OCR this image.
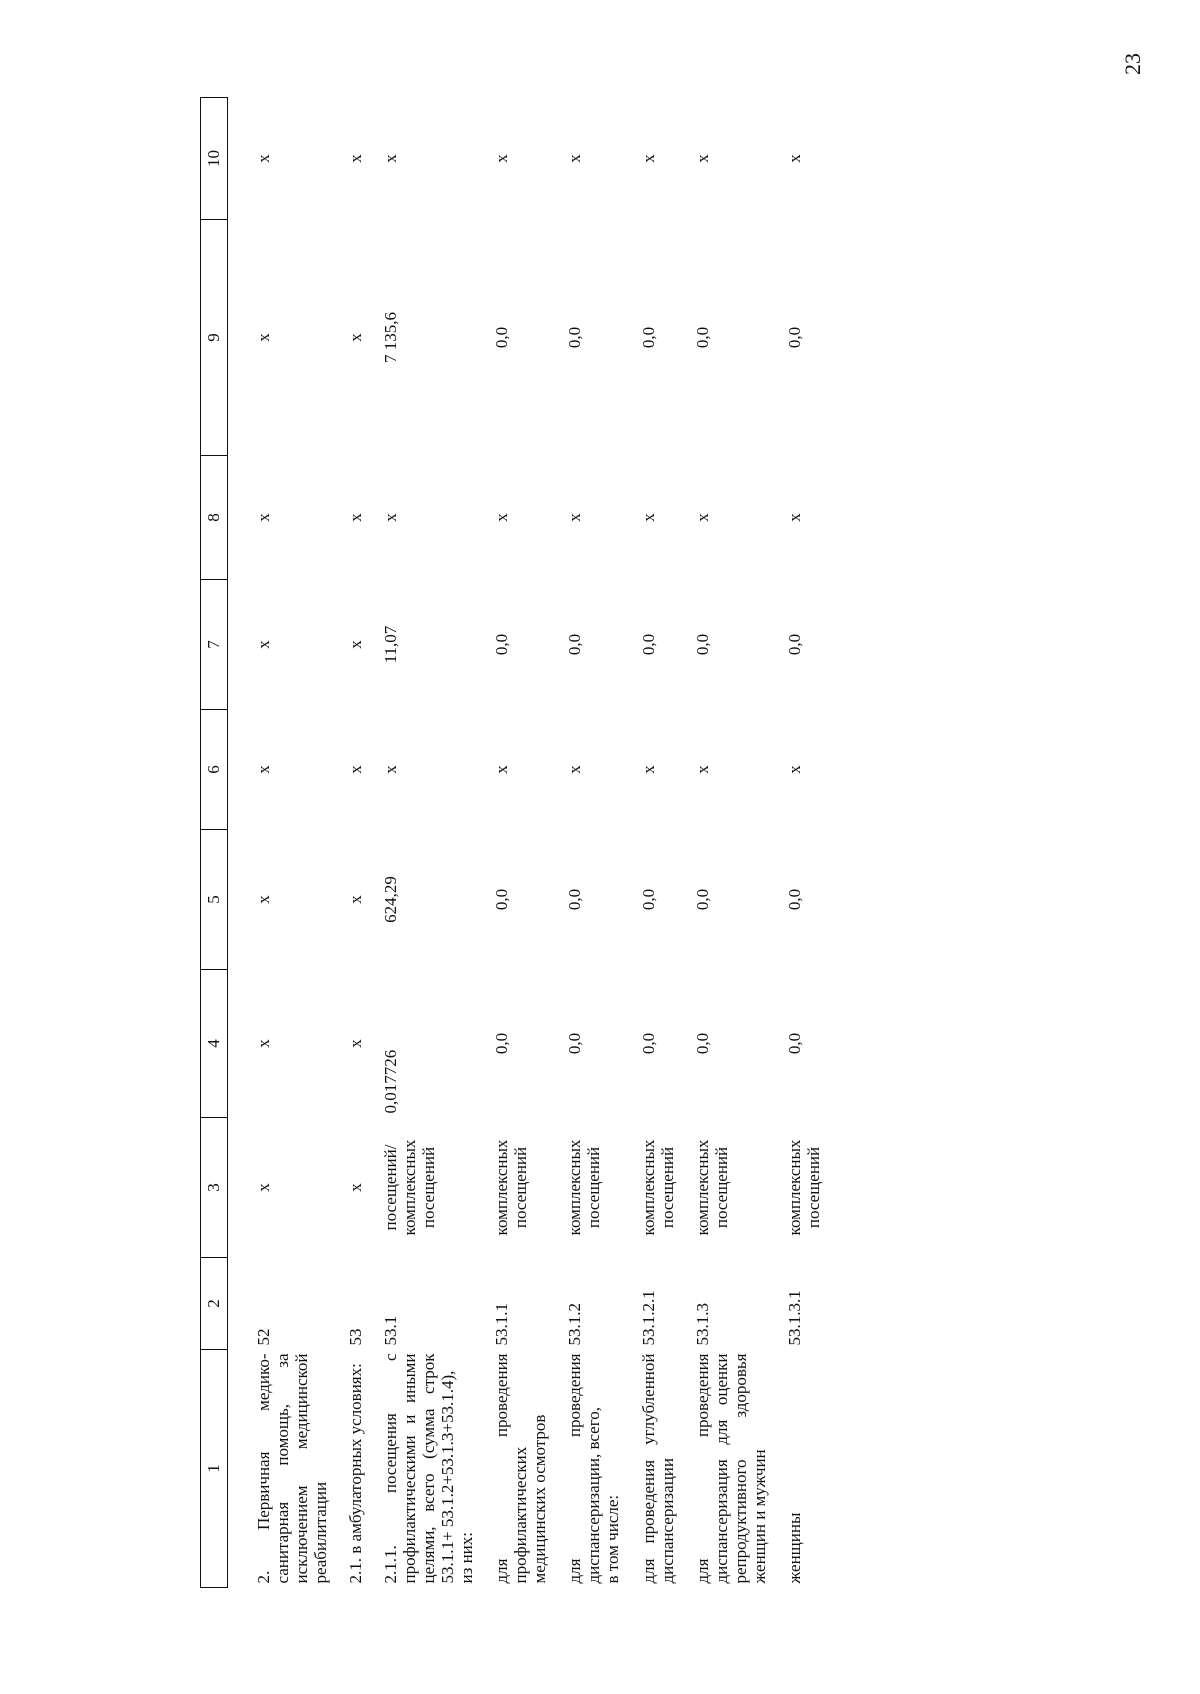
23
1	2	3	4	5	6	7	8	9	10
2. Первичная медико-санитарная помощь, за исключением медицинской реабилитации	52	x	x	x	x	x	x	x	x
2.1. в амбулаторных условиях:	53	x	x	x	x	x	x	x	x

2.1.1. посещения с профилактическими и иными целями, всего (сумма строк 53.1.1+ 53.1.2+53.1.3+53.1.4), из них:	53.1	посещений/ комплексных посещений	0,017726	624,29	x	11,07	x	7 135,6	x
для проведения профилактических медицинских осмотров	53.1.1	комплексных посещений	0,0	0,0	x	0,0	x	0,0	x

для проведения диспансеризации, всего, в том числе:	53.1.2	комплексных посещений	0,0	0,0	x	0,0	x	0,0	x
для проведения углубленной диспансеризации	53.1.2.1	комплексных посещений	0,0	0,0	x	0,0	x	0,0	x
для проведения диспансеризация для оценки репродуктивного здоровья женщин и мужчин	53.1.3	комплексных посещений	0,0	0,0	x	0,0	x	0,0	x
женщины	53.1.3.1	комплексных посещений	0,0	0,0	x	0,0	x	0,0	x
